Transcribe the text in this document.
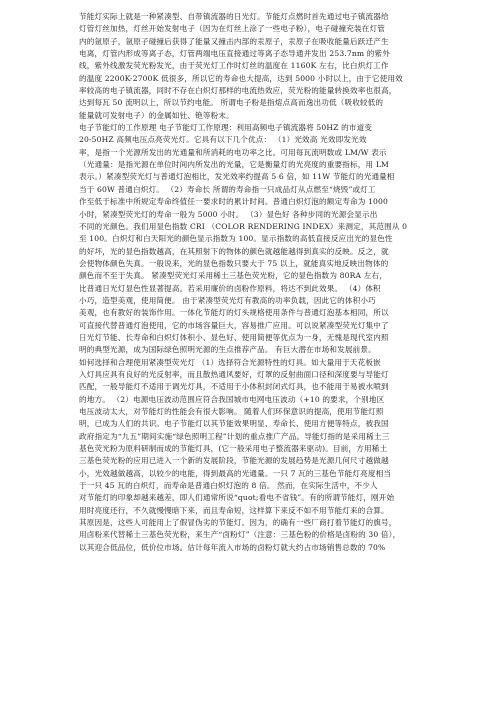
节能灯实际上就是一种紧凑型、自带镇流器的日光灯。节能灯点燃时首先通过电子镇流器给
灯管灯丝加热，灯丝开始发射电子（因为在灯丝上涂了一些电子粉），电子碰撞充装在灯管
内的氩原子，氩原子碰撞后获得了能量又撞击内部的汞原子，汞原子在吸收能量后跃迁产生
电离，灯管内形成等离子态，灯管两端电压直接通过等离子态导通并发出 253.7nm 的紫外
线，紫外线激发荧光粉发光，由于荧光灯工作时灯丝的温度在 1160K 左右，比白炽灯工作
的温度 2200K-2700K 低很多，所以它的寿命也大提高，达到 5000 小时以上，由于它使用效
率较高的电子镇流器，同时不存在白炽灯那样的电流热效应，荧光粉的能量转换效率也很高，
达到每瓦 50 流明以上，所以节约电能。 所谓电子粉是指熔点高而逸出功低（吸收较低的
能量就可发射电子）的金属如钍、铯等粉末。
电子节能灯的工作原理 电子节能灯工作原理：利用高频电子镇流器将 50HZ 的市道变
20-50HZ 高频电压点亮荧光灯。它具有以下几个优点： （1）光效高 光效即发光效
率，是指一个光源所发出的光通量和所消耗的电功率之比。可用每瓦流明数或 LM/W 表示
（光通量：是指光源在单位时间内所发出的光量，它是衡量灯的光亮度的重要指标，用 LM
表示。）紧凑型荧光灯与普通灯泡相比，发光效率约提高 5 6 倍，如 11W 节能灯的光通量相
当于 60W 普通白炽灯。 （2）寿命长 所谓的寿命指一只成品灯从点燃至“烧毁”或灯工
作至低于标准中所规定寿命终值任一要求时的累计时间。普通白炽灯泡的额定寿命为 1000
小时，紧凑型荧光灯的寿命一般为 5000 小时。 （3）显色好 各种步同的光源会显示出
不同的光颜色。我们用显色指数 CRI （COLOR RENDERING INDEX）来测定，其范围从 0
至 100。白炽灯和白天阳光的颜色显示指数为 100。显示指数的高低直接反应出光的显色性
的好坏，光的显色指数越高，在其照射下的物体的颜色就越能越得到真实的反映。反之，就
会使物体颜色失真。一般说来，光的显色指数只要大于 75 以上，就能真实地反映出物体的
颜色而不至于失真。 紧凑型荧光灯采用稀土三基色荧光粉，它的显色指数为 80RA 左右，
比普通日光灯显色性显著提高。若采用廉价的卤粉作原料，将达不到此效果。 （4）体积
小巧，造型美观，使用简便。 由于紧凑型荧光灯有教高的功率负载，因此它的体积小巧
美观，也有教好的装饰作用。一体化节能灯的灯头规格使用条件与普通灯泡基本相同，所以
可直接代替普通灯泡使用，它的市场容量巨大，容易推广应用。可以说紧凑型荧光灯集中了
日光灯节能、长寿命和白炽灯体积小、显色好、使用简便等优点为一身，无愧是现代室内照
明的典型光源，成为国际绿色照明光源的生点推荐产品。 有巨大潜在市场和发展前景。
如何选择和合理使用紧凑型荧光灯 （1）选择符合光源特性的灯具。如大量用于天花板嵌
入灯具应具有良好的光反射率，而且散热通风要好，灯罩的反射曲面口径和深度要与导能灯
匹配，一般导能灯不适用于调光灯具，不适用于小体积封闭式灯具，也不能用于易被水喷到
的地方。 （2）电源电压波动范围应符合我国城市电网电压波动（+10 的要求，个别地区
电压波动太大，对节能灯的性能会有很大影响。 随着人们环保意识的提高，使用节能灯照
明，已成为人们的共识。电子节能灯以其节能效果明显、寿命长、使用方便等特点，被我国
政府指定为“九五”期间实施“绿色照明工程”计划的重点推广产品。导能灯指的是采用稀土三
基色荧光粉为原料研制而成的节能灯具，(它一般采用电子整流器来驱动)。目前，方用稀土
三基色荧光粉的应用已进入一个新的发展阶段，节能光源的发展趋势是光源几何尺寸越做越
小，光效越做越高，以较少的电能，得到最高的光通量。一只 7 瓦的三基色节能灯亮度相当
于一只 45 瓦的白炽灯，而寿命是普通白炽灯泡的 8 倍。 然而，在实际生活中，不少人
对节能灯的印象却越来越差，即人们通常所说“quot;看电不省钱”。有的所谓节能灯，刚开始
用时亮度还行，不久就慢慢暗下来，而且寿命短，这样算下来反不如不用节能灯来的合算。
其原因是，这些人可能用上了假冒伪劣的节能灯。因为，的确有一些厂商打着节能灯的旗号，
用卤粉来代替稀土三基色荧光粉，来生产“卤粉灯”（注意：三基色粉的价格是卤粉的 30 倍），
以其迎合低品位，低价位市场。估计每年流入市场的卤粉灯就大约占市场销售总数的 70%
